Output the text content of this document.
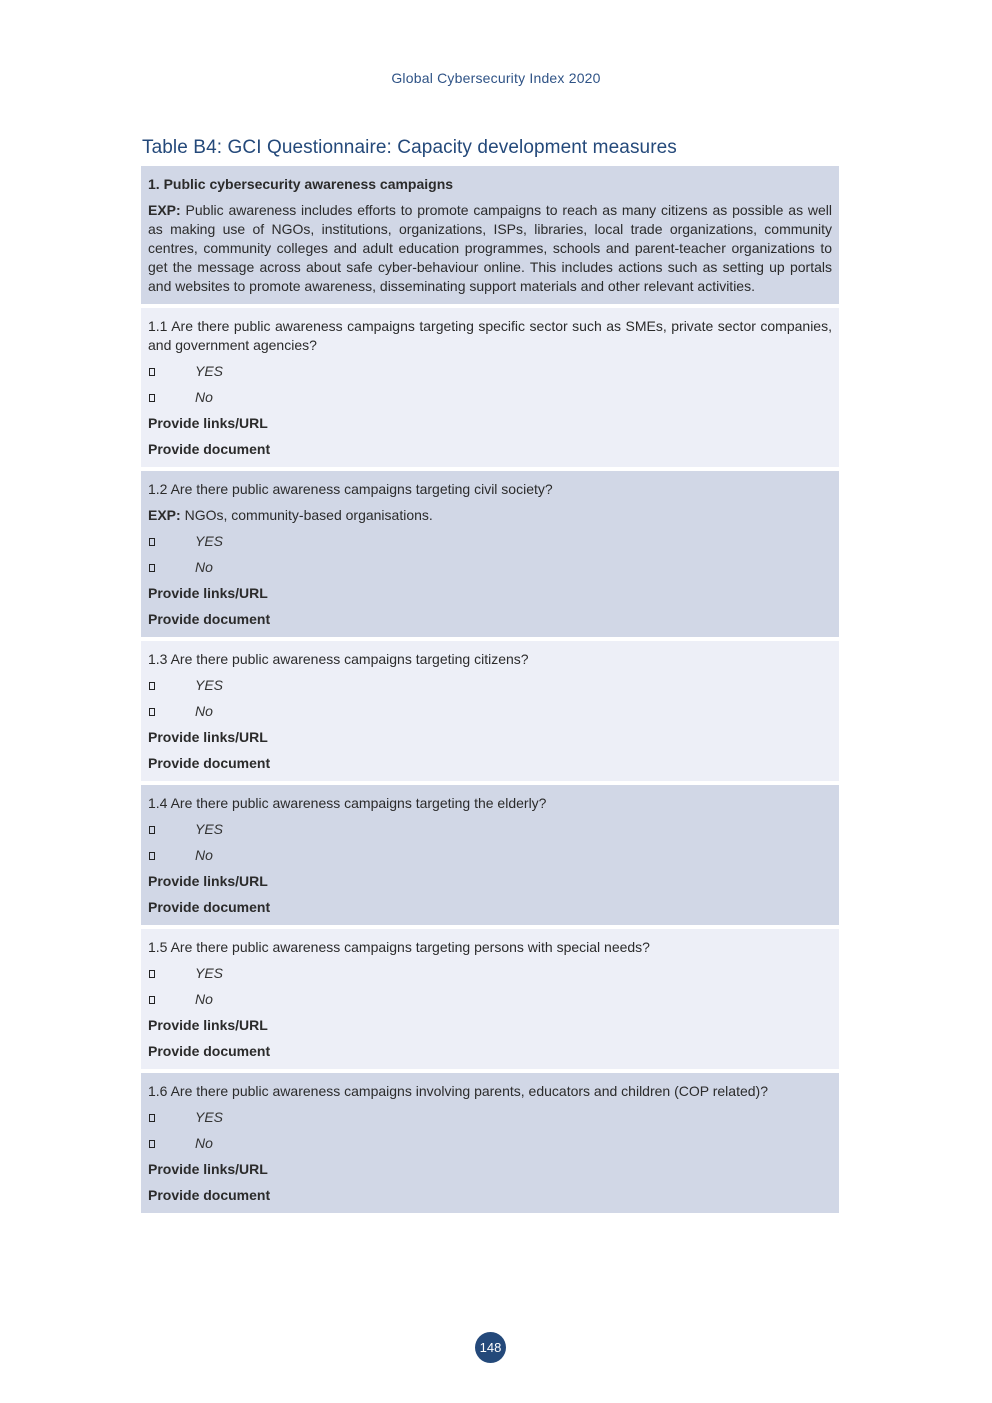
Global Cybersecurity Index 2020
Table B4: GCI Questionnaire: Capacity development measures
1. Public cybersecurity awareness campaigns
EXP: Public awareness includes efforts to promote campaigns to reach as many citizens as possible as well as making use of NGOs, institutions, organizations, ISPs, libraries, local trade organizations, community centres, community colleges and adult education programmes, schools and parent-teacher organizations to get the message across about safe cyber-behaviour online. This includes actions such as setting up portals and websites to promote awareness, disseminating support materials and other relevant activities.
1.1 Are there public awareness campaigns targeting specific sector such as SMEs, private sector companies, and government agencies?
YES
No
Provide links/URL
Provide document
1.2 Are there public awareness campaigns targeting civil society?
EXP: NGOs, community-based organisations.
YES
No
Provide links/URL
Provide document
1.3 Are there public awareness campaigns targeting citizens?
YES
No
Provide links/URL
Provide document
1.4 Are there public awareness campaigns targeting the elderly?
YES
No
Provide links/URL
Provide document
1.5 Are there public awareness campaigns targeting persons with special needs?
YES
No
Provide links/URL
Provide document
1.6 Are there public awareness campaigns involving parents, educators and children (COP related)?
YES
No
Provide links/URL
Provide document
148
